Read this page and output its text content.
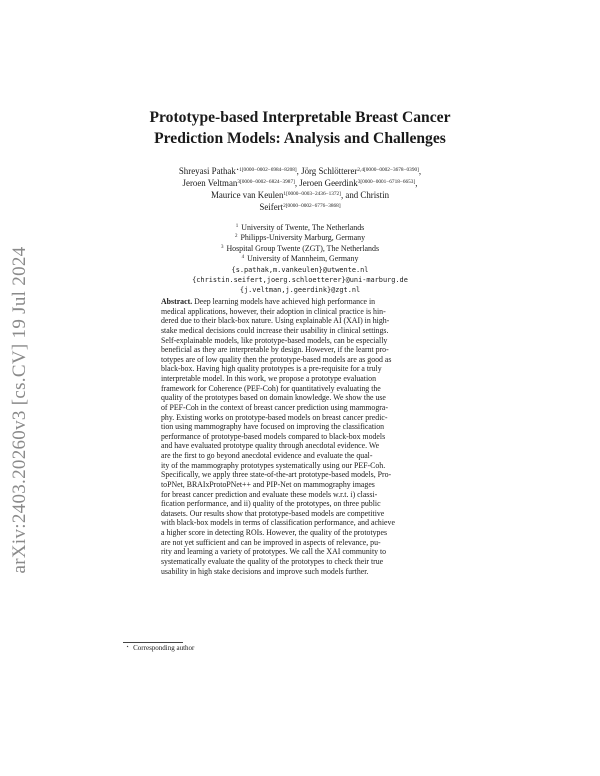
arXiv:2403.20260v3 [cs.CV] 19 Jul 2024
Prototype-based Interpretable Breast Cancer
Prediction Models: Analysis and Challenges
Shreyasi Pathak$^{⋆1[0000-0002-6984-8208]}$, Jörg Schlötterer$^{2,4[0000-0002-3678-0390]}$,
Jeroen Veltman$^{3[0000-0002-6824-3987]}$, Jeroen Geerdink$^{3[0000-0001-6718-6653]}$,
Maurice van Keulen$^{1[0000-0003-2436-1372]}$, and Christin
Seifert$^{2[0000-0002-6776-3868]}$
$^1$ University of Twente, The Netherlands
$^2$ Philipps-University Marburg, Germany
$^3$ Hospital Group Twente (ZGT), The Netherlands
$^4$ University of Mannheim, Germany
{s.pathak,m.vankeulen}@utwente.nl
{christin.seifert,joerg.schloetterer}@uni-marburg.de
{j.veltman,j.geerdink}@zgt.nl
Abstract. Deep learning models have achieved high performance in
medical applications, however, their adoption in clinical practice is hin-
dered due to their black-box nature. Using explainable AI (XAI) in high-
stake medical decisions could increase their usability in clinical settings.
Self-explainable models, like prototype-based models, can be especially
beneficial as they are interpretable by design. However, if the learnt pro-
totypes are of low quality then the prototype-based models are as good as
black-box. Having high quality prototypes is a pre-requisite for a truly
interpretable model. In this work, we propose a prototype evaluation
framework for Coherence (PEF-Coh) for quantitatively evaluating the
quality of the prototypes based on domain knowledge. We show the use
of PEF-Coh in the context of breast cancer prediction using mammogra-
phy. Existing works on prototype-based models on breast cancer predic-
tion using mammography have focused on improving the classification
performance of prototype-based models compared to black-box models
and have evaluated prototype quality through anecdotal evidence. We
are the first to go beyond anecdotal evidence and evaluate the qual-
ity of the mammography prototypes systematically using our PEF-Coh.
Specifically, we apply three state-of-the-art prototype-based models, Pro-
toPNet, BRAIxProtoPNet++ and PIP-Net on mammography images
for breast cancer prediction and evaluate these models w.r.t. i) classi-
fication performance, and ii) quality of the prototypes, on three public
datasets. Our results show that prototype-based models are competitive
with black-box models in terms of classification performance, and achieve
a higher score in detecting ROIs. However, the quality of the prototypes
are not yet sufficient and can be improved in aspects of relevance, pu-
rity and learning a variety of prototypes. We call the XAI community to
systematically evaluate the quality of the prototypes to check their true
usability in high stake decisions and improve such models further.
⋆ Corresponding author
